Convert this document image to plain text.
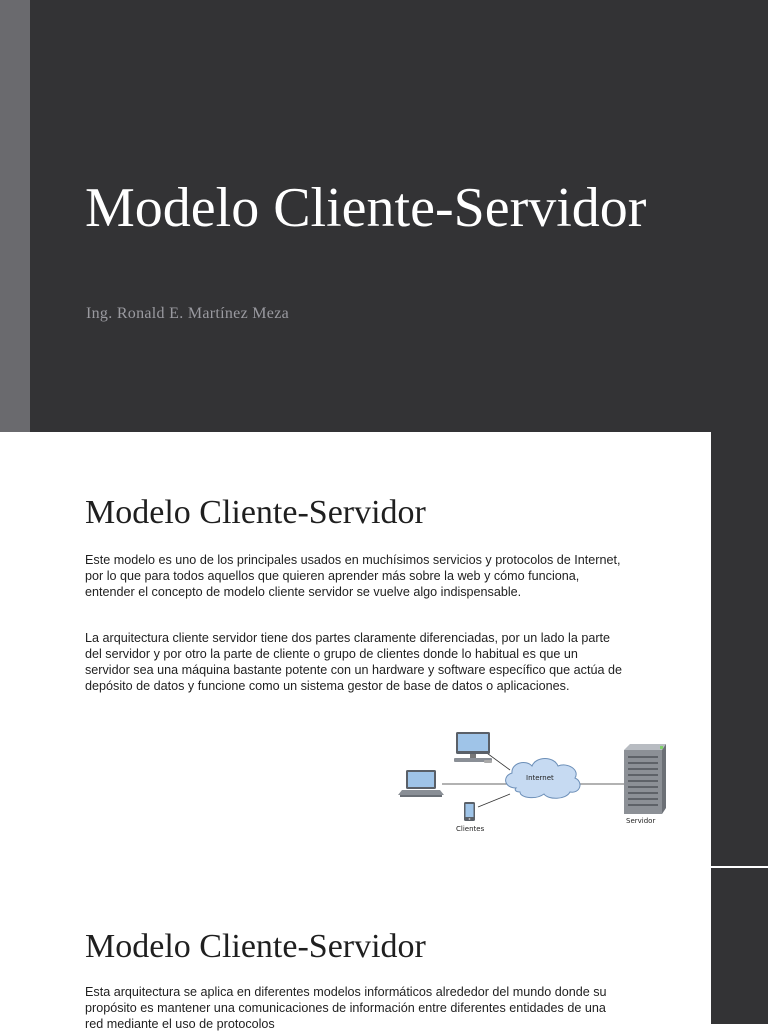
Modelo Cliente-Servidor
Ing. Ronald E. Martínez Meza
Modelo Cliente-Servidor
Este modelo es uno de los principales usados en muchísimos servicios y protocolos de Internet, por lo que para todos aquellos que quieren aprender más sobre la web y cómo funciona, entender el concepto de modelo cliente servidor se vuelve algo indispensable.
La arquitectura cliente servidor tiene dos partes claramente diferenciadas, por un lado la parte del servidor y por otro la parte de cliente o grupo de clientes donde lo habitual es que un servidor sea una máquina bastante potente con un hardware y software específico que actúa de depósito de datos y funcione como un sistema gestor de base de datos o aplicaciones.
Internet
Clientes
Servidor
Modelo Cliente-Servidor
Esta arquitectura se aplica en diferentes modelos informáticos alrededor del mundo donde su propósito es mantener una comunicaciones de información entre diferentes entidades de una red mediante el uso de protocolos
